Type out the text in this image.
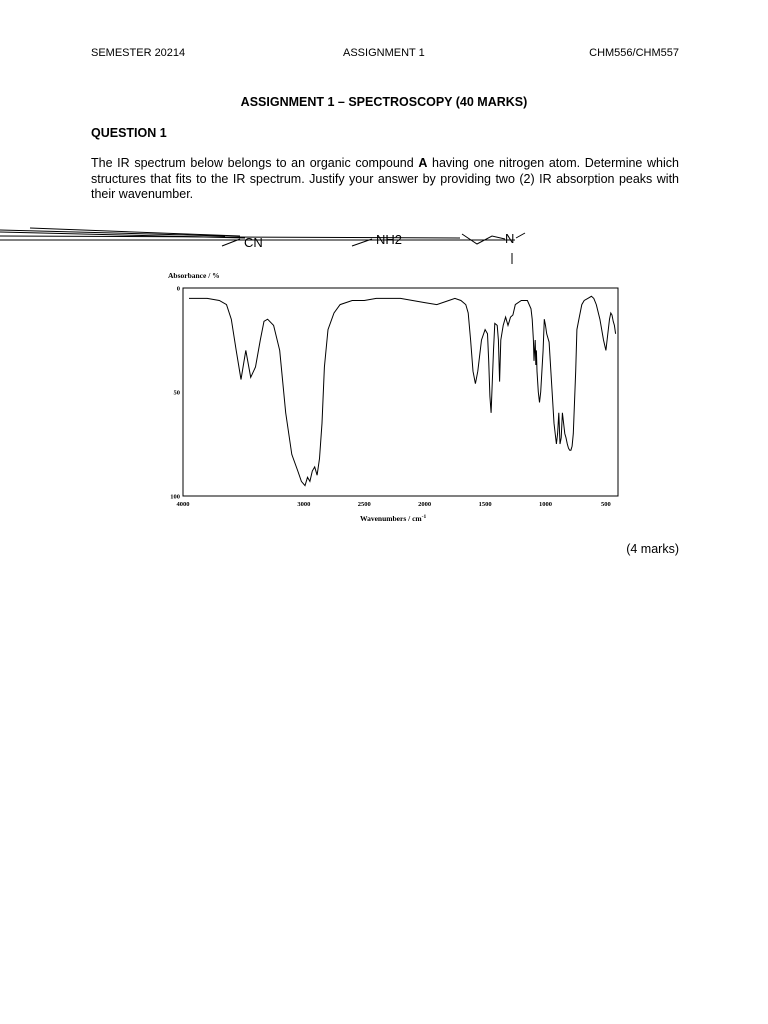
SEMESTER 20214	ASSIGNMENT 1	CHM556/CHM557
ASSIGNMENT 1 – SPECTROSCOPY (40 MARKS)
QUESTION 1

The IR spectrum below belongs to an organic compound A having one nitrogen atom. Determine which structures that fits to the IR spectrum. Justify your answer by providing two (2) IR absorption peaks with their wavenumber.

CN	NH2	N
Absorbance / %
0
50
100
4000	3000	2500	2000	1500	1000	500
Wavenumbers / $cm^{-1}$
(4 marks)
